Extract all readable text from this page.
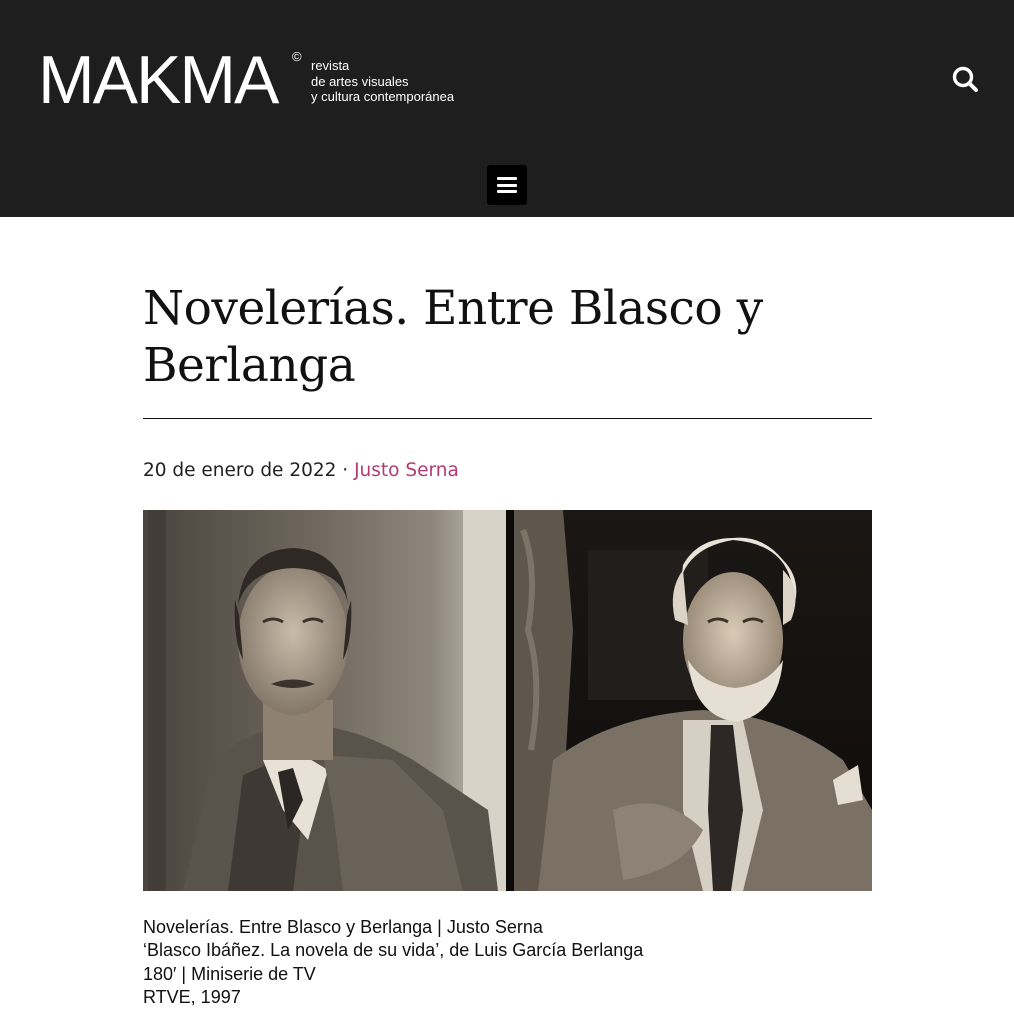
MAKMA ©
revista
de artes visuales
y cultura contemporánea
Novelerías. Entre Blasco y Berlanga
20 de enero de 2022 · Justo Serna
Novelerías. Entre Blasco y Berlanga | Justo Serna
‘Blasco Ibáñez. La novela de su vida’, de Luis García Berlanga
180′ | Miniserie de TV
RTVE, 1997
